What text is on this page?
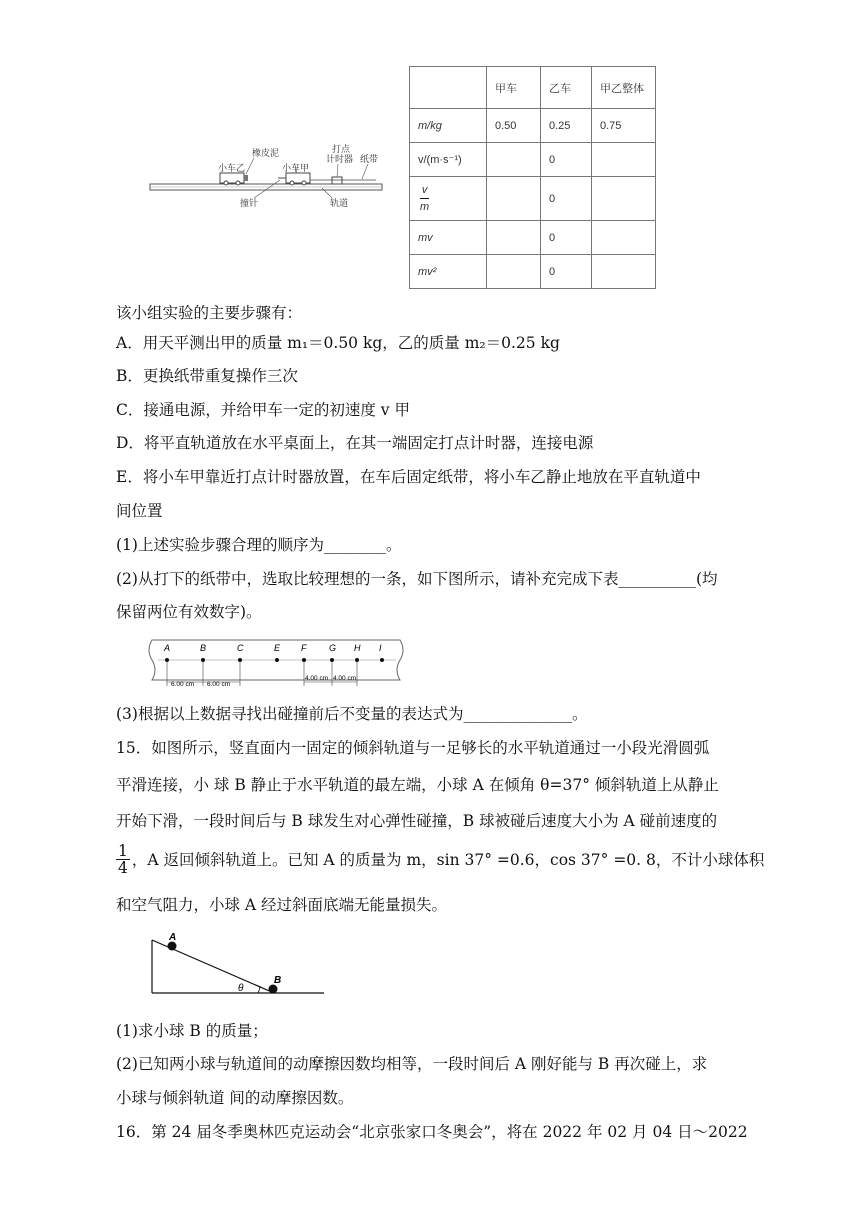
小车乙
橡皮泥
小车甲
打点
计时器 纸带
撞针	轨道
	甲车	乙车	甲乙整体
m/kg	0.50	0.25	0.75
v/(m·s⁻¹)		0	

$\frac{v}{m}$		0	
mv		0	
mv²		0	
该小组实验的主要步骤有：
A．用天平测出甲的质量 m₁＝0.50 kg，乙的质量 m₂＝0.25 kg
B．更换纸带重复操作三次
C．接通电源，并给甲车一定的初速度 v 甲
D．将平直轨道放在水平桌面上，在其一端固定打点计时器，连接电源
E．将小车甲靠近打点计时器放置，在车后固定纸带，将小车乙静止地放在平直轨道中
间位置
(1)上述实验步骤合理的顺序为________。
(2)从打下的纸带中，选取比较理想的一条，如下图所示，请补充完成下表__________(均
保留两位有效数字)。
A	B	C	E F	G H I
6.00 cm 6.00 cm
4.00 cm 4.00 cm
(3)根据以上数据寻找出碰撞前后不变量的表达式为______________。
15．如图所示，竖直面内一固定的倾斜轨道与一足够长的水平轨道通过一小段光滑圆弧
平滑连接，小 球 B 静止于水平轨道的最左端，小球 A 在倾角 θ=37° 倾斜轨道上从静止
开始下滑，一段时间后与 B 球发生对心弹性碰撞，B 球被碰后速度大小为 A 碰前速度的
$\frac{1}{4}$ ，A 返回倾斜轨道上。已知 A 的质量为 m，sin 37° =0.6，cos 37° =0. 8，不计小球体积
和空气阻力，小球 A 经过斜面底端无能量损失。
A
B
θ
(1)求小球 B 的质量；
(2)已知两小球与轨道间的动摩擦因数均相等，一段时间后 A 刚好能与 B 再次碰上，求
小球与倾斜轨道 间的动摩擦因数。
16．第 24 届冬季奥林匹克运动会“北京张家口冬奥会”，将在 2022 年 02 月 04 日～2022
